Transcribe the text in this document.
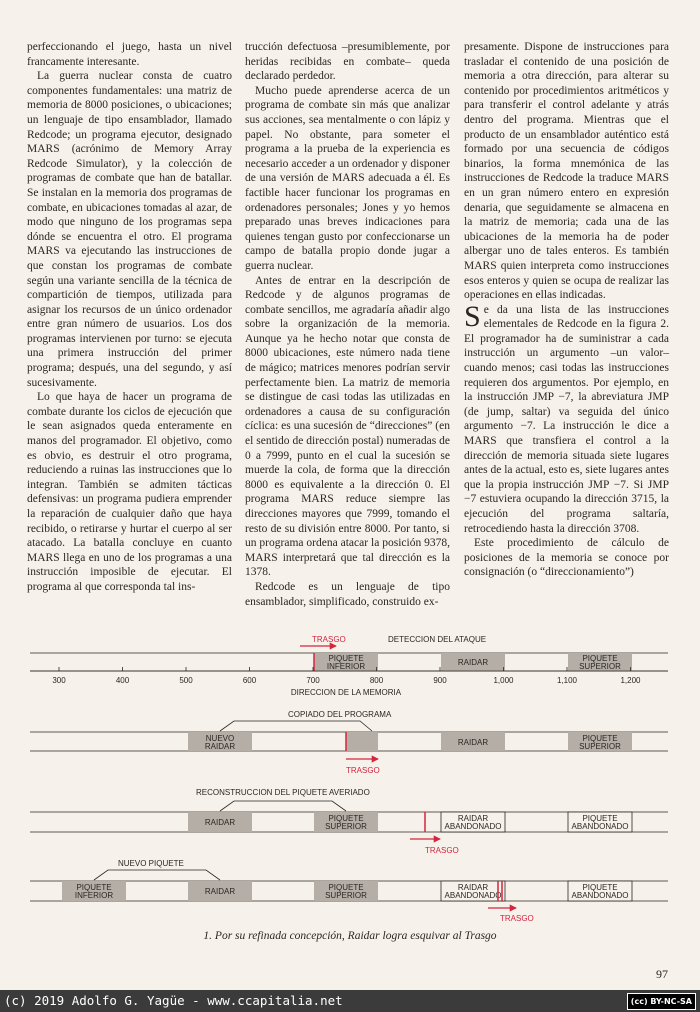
perfeccionando el juego, hasta un nivel francamente interesante.

La guerra nuclear consta de cuatro componentes fundamentales: una matriz de memoria de 8000 posiciones, o ubicaciones; un lenguaje de tipo ensamblador, llamado Redcode; un programa ejecutor, designado MARS (acrónimo de Memory Array Redcode Simulator), y la colección de programas de combate que han de batallar. Se instalan en la memoria dos programas de combate, en ubicaciones tomadas al azar, de modo que ninguno de los programas sepa dónde se encuentra el otro. El programa MARS va ejecutando las instrucciones de que constan los programas de combate según una variante sencilla de la técnica de compartición de tiempos, utilizada para asignar los recursos de un único ordenador entre gran número de usuarios. Los dos programas intervienen por turno: se ejecuta una primera instrucción del primer programa; después, una del segundo, y así sucesivamente.

Lo que haya de hacer un programa de combate durante los ciclos de ejecución que le sean asignados queda enteramente en manos del programador. El objetivo, como es obvio, es destruir el otro programa, reduciendo a ruinas las instrucciones que lo integran. También se admiten tácticas defensivas: un programa pudiera emprender la reparación de cualquier daño que haya recibido, o retirarse y hurtar el cuerpo al ser atacado. La batalla concluye en cuanto MARS llega en uno de los programas a una instrucción imposible de ejecutar. El programa al que corresponda tal ins-

trucción defectuosa –presumiblemente, por heridas recibidas en combate– queda declarado perdedor.

Mucho puede aprenderse acerca de un programa de combate sin más que analizar sus acciones, sea mentalmente o con lápiz y papel. No obstante, para someter el programa a la prueba de la experiencia es necesario acceder a un ordenador y disponer de una versión de MARS adecuada a él. Es factible hacer funcionar los programas en ordenadores personales; Jones y yo hemos preparado unas breves indicaciones para quienes tengan gusto por confeccionarse un campo de batalla propio donde jugar a guerra nuclear.

Antes de entrar en la descripción de Redcode y de algunos programas de combate sencillos, me agradaría añadir algo sobre la organización de la memoria. Aunque ya he hecho notar que consta de 8000 ubicaciones, este número nada tiene de mágico; matrices menores podrían servir perfectamente bien. La matriz de memoria se distingue de casi todas las utilizadas en ordenadores a causa de su configuración cíclica: es una sucesión de “direcciones” (en el sentido de dirección postal) numeradas de 0 a 7999, punto en el cual la sucesión se muerde la cola, de forma que la dirección 8000 es equivalente a la dirección 0. El programa MARS reduce siempre las direcciones mayores que 7999, tomando el resto de su división entre 8000. Por tanto, si un programa ordena atacar la posición 9378, MARS interpretará que tal dirección es la 1378.

Redcode es un lenguaje de tipo ensamblador, simplificado, construido ex-

presamente. Dispone de instrucciones para trasladar el contenido de una posición de memoria a otra dirección, para alterar su contenido por procedimientos aritméticos y para transferir el control adelante y atrás dentro del programa. Mientras que el producto de un ensamblador auténtico está formado por una secuencia de códigos binarios, la forma mnemónica de las instrucciones de Redcode la traduce MARS en un gran número entero en expresión denaria, que seguidamente se almacena en la matriz de memoria; cada una de las ubicaciones de la memoria ha de poder albergar uno de tales enteros. Es también MARS quien interpreta como instrucciones esos enteros y quien se ocupa de realizar las operaciones en ellas indicadas.

Se da una lista de las instrucciones elementales de Redcode en la figura 2. El programador ha de suministrar a cada instrucción un argumento –un valor– cuando menos; casi todas las instrucciones requieren dos argumentos. Por ejemplo, en la instrucción JMP −7, la abreviatura JMP (de jump, saltar) va seguida del único argumento −7. La instrucción le dice a MARS que transfiera el control a la dirección de memoria situada siete lugares antes de la actual, esto es, siete lugares antes que la propia instrucción JMP −7. Si JMP −7 estuviera ocupando la dirección 3715, la ejecución del programa saltaría, retrocediendo hasta la dirección 3708.

Este procedimiento de cálculo de posiciones de la memoria se conoce por consignación (o “direccionamiento”)

TRASGO	DETECCION DEL ATAQUE
PIQUETE
INFERIOR	RAIDAR	PIQUETE
SUPERIOR
DIRECCION DE LA MEMORIA
300	400	500	600	700	800	900	1,000	1,100	1,200
COPIADO DEL PROGRAMA
NUEVO
RAIDAR	RAIDAR	PIQUETE
SUPERIOR
TRASGO
RECONSTRUCCION DEL PIQUETE AVERIADO
RAIDAR	PIQUETE
SUPERIOR
RAIDAR
ABANDONADO
PIQUETE
ABANDONADO
TRASGO
NUEVO PIQUETE
PIQUETE
INFERIOR	RAIDAR	PIQUETE
SUPERIOR
RAIDAR
ABANDONADO
PIQUETE
ABANDONADO
TRASGO
1. Por su refinada concepción, Raidar logra esquivar al Trasgo
97
(c) 2019 Adolfo G. Yagüe - www.ccapitalia.net	(cc) BY-NC-SA
